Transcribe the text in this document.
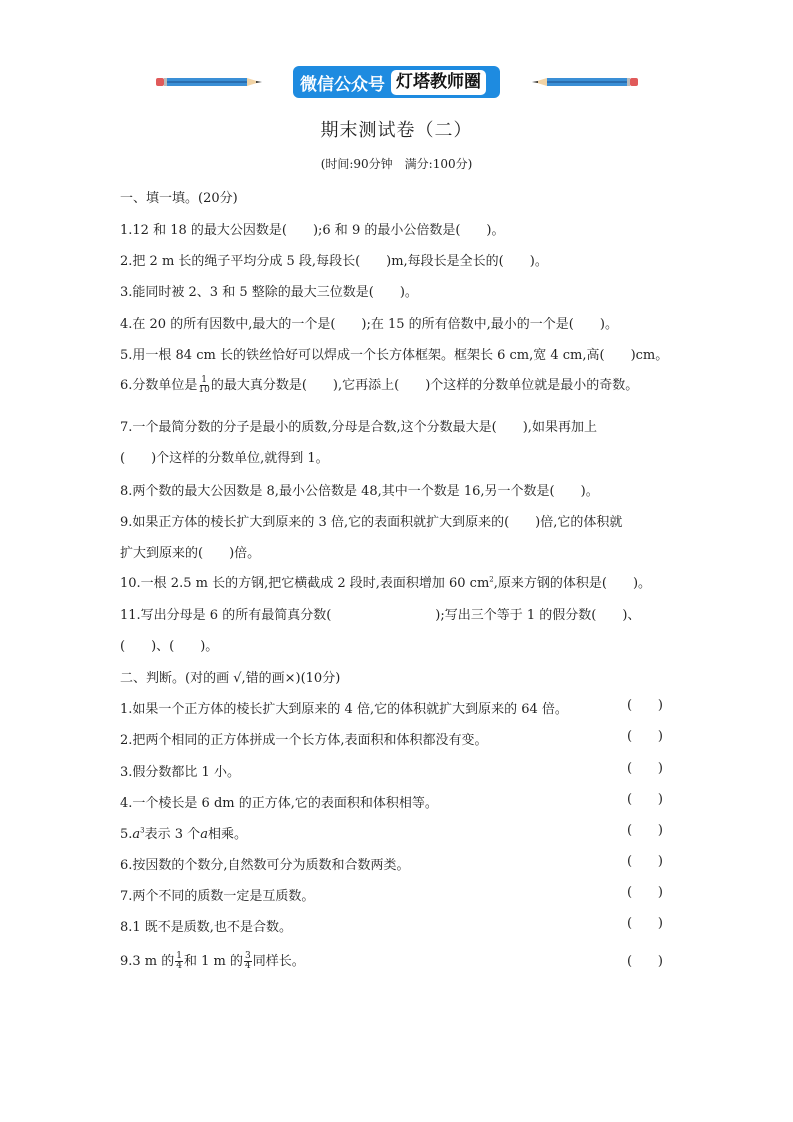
微信公众号 灯塔教师圈
期末测试卷（二）
(时间:90分钟　满分:100分)
一、填一填。(20分)
1.12 和 18 的最大公因数是(　　);6 和 9 的最小公倍数是(　　)。
2.把 2 m 长的绳子平均分成 5 段,每段长(　　)m,每段长是全长的(　　)。
3.能同时被 2、3 和 5 整除的最大三位数是(　　)。
4.在 20 的所有因数中,最大的一个是(　　);在 15 的所有倍数中,最小的一个是(　　)。
5.用一根 84 cm 长的铁丝恰好可以焊成一个长方体框架。框架长 6 cm,宽 4 cm,高(　　)cm。
6.分数单位是 $\frac{1}{10}$ 的最大真分数是(　　),它再添上(　　)个这样的分数单位就是最小的奇数。
7.一个最简分数的分子是最小的质数,分母是合数,这个分数最大是(　　),如果再加上
(　　)个这样的分数单位,就得到 1。
8.两个数的最大公因数是 8,最小公倍数是 48,其中一个数是 16,另一个数是(　　)。
9.如果正方体的棱长扩大到原来的 3 倍,它的表面积就扩大到原来的(　　)倍,它的体积就
扩大到原来的(　　)倍。
10.一根 2.5 m 长的方钢,把它横截成 2 段时,表面积增加 60 $cm^2$,原来方钢的体积是(　　)。
11.写出分母是 6 的所有最简真分数(　　　　　　　　);写出三个等于 1 的假分数(　　)、
(　　)、(　　)。
二、判断。(对的画 √,错的画×)(10分)
1.如果一个正方体的棱长扩大到原来的 4 倍,它的体积就扩大到原来的 64 倍。	( )
2.把两个相同的正方体拼成一个长方体,表面积和体积都没有变。	( )
3.假分数都比 1 小。	( )
4.一个棱长是 6 dm 的正方体,它的表面积和体积相等。	( )
$5.a^3$表示 3 个a相乘。	( )
6.按因数的个数分,自然数可分为质数和合数两类。	( )
7.两个不同的质数一定是互质数。	( )
8.1 既不是质数,也不是合数。	( )
9.3 m 的 $\frac{1}{4}$ 和 1 m 的 $\frac{3}{4}$ 同样长。	( )
